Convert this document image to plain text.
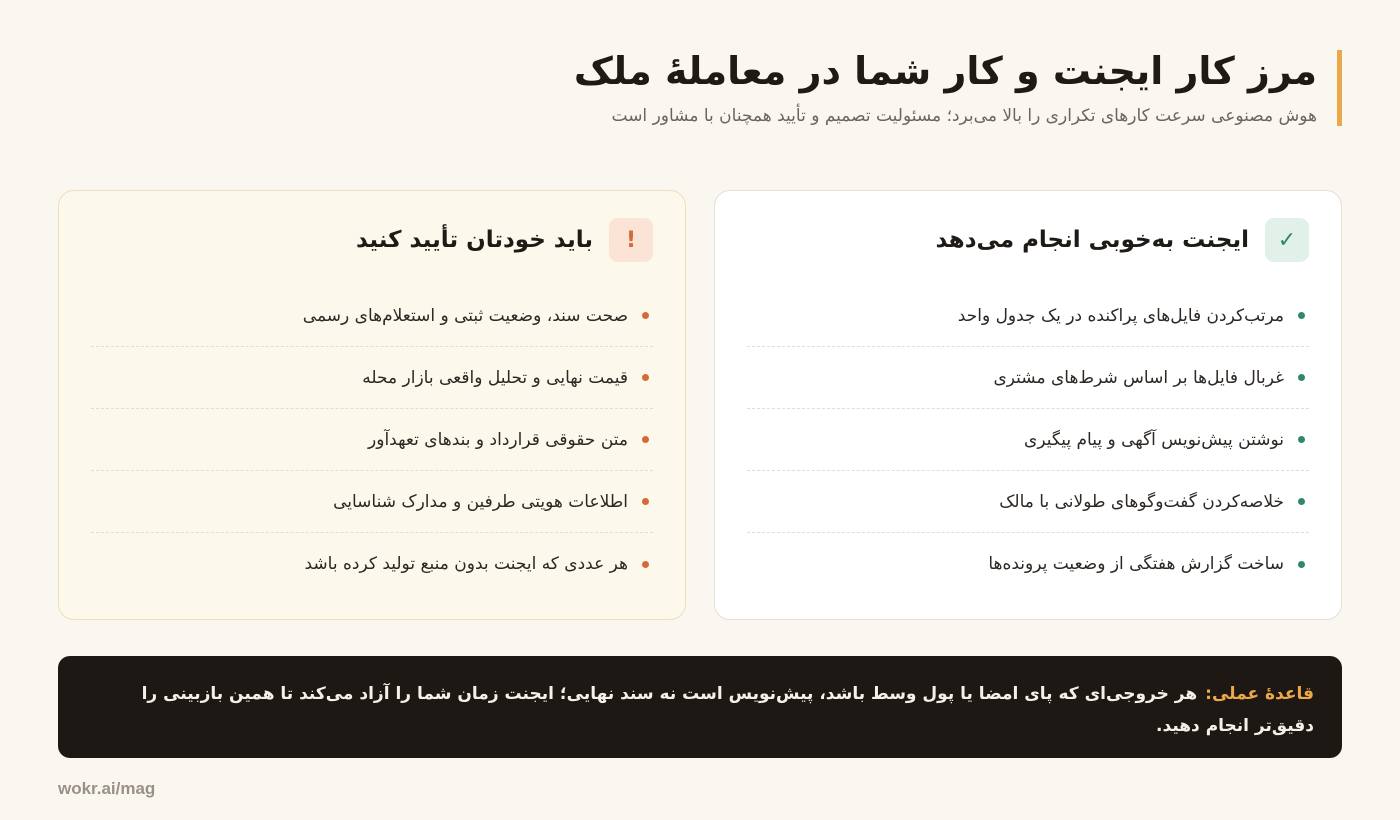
مرز کار ایجنت و کار شما در معاملهٔ ملک

هوش مصنوعی سرعت کارهای تکراری را بالا می‌برد؛ مسئولیت تصمیم و تأیید همچنان با مشاور است

✓
ایجنت به‌خوبی انجام می‌دهد
مرتب‌کردن فایل‌های پراکنده در یک جدول واحد
غربال فایل‌ها بر اساس شرط‌های مشتری
نوشتن پیش‌نویس آگهی و پیام پیگیری
خلاصه‌کردن گفت‌وگوهای طولانی با مالک
ساخت گزارش هفتگی از وضعیت پرونده‌ها
!
باید خودتان تأیید کنید
صحت سند، وضعیت ثبتی و استعلام‌های رسمی
قیمت نهایی و تحلیل واقعی بازار محله
متن حقوقی قرارداد و بندهای تعهدآور
اطلاعات هویتی طرفین و مدارک شناسایی
هر عددی که ایجنت بدون منبع تولید کرده باشد
قاعدهٔ عملی:هر خروجی‌ای که پای امضا یا پول وسط باشد، پیش‌نویس است نه سند نهایی؛ ایجنت زمان شما را آزاد می‌کند تا همین بازبینی را دقیق‌تر انجام دهید.
wokr.ai/mag
